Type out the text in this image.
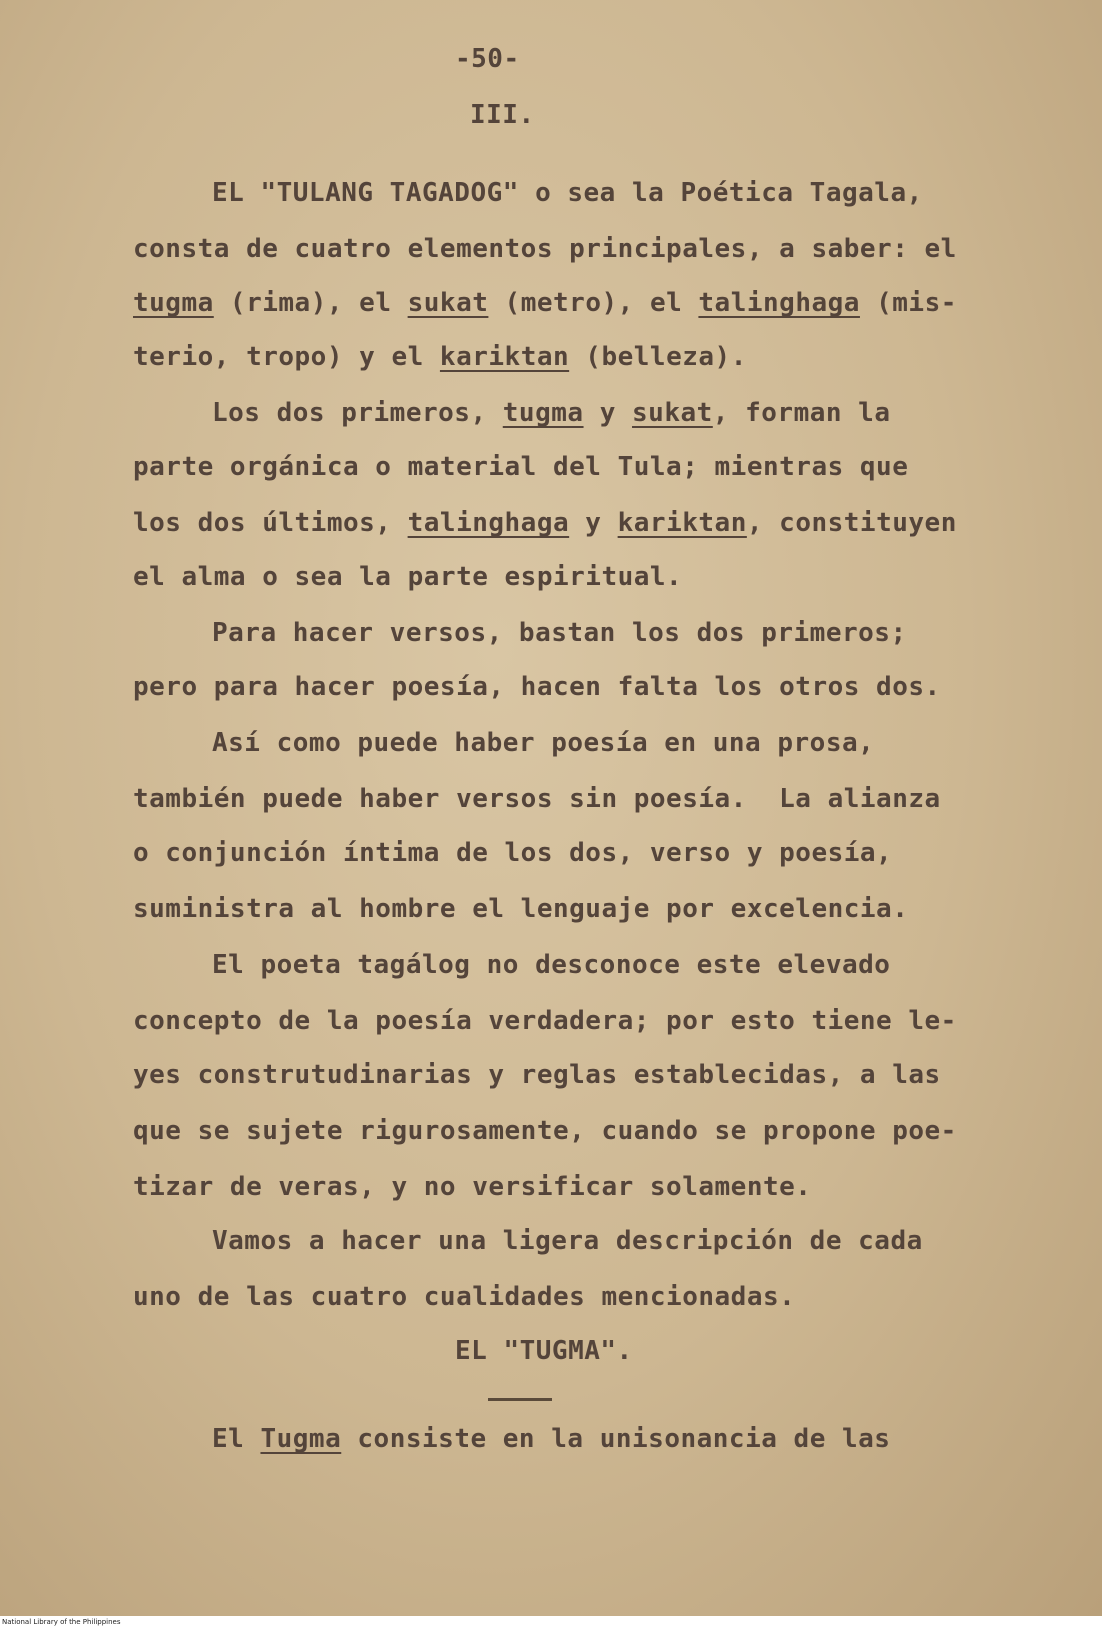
-50-
III.
EL "TULANG TAGADOG" o sea la Poética Tagala,
consta de cuatro elementos principales, a saber: el
tugma (rima), el sukat (metro), el talinghaga (mis-
terio, tropo) y el kariktan (belleza).
Los dos primeros, tugma y sukat, forman la
parte orgánica o material del Tula; mientras que
los dos últimos, talinghaga y kariktan, constituyen
el alma o sea la parte espiritual.
Para hacer versos, bastan los dos primeros;
pero para hacer poesía, hacen falta los otros dos.
Así como puede haber poesía en una prosa,
también puede haber versos sin poesía.  La alianza
o conjunción íntima de los dos, verso y poesía,
suministra al hombre el lenguaje por excelencia.
El poeta tagálog no desconoce este elevado
concepto de la poesía verdadera; por esto tiene le-
yes construtudinarias y reglas establecidas, a las
que se sujete rigurosamente, cuando se propone poe-
tizar de veras, y no versificar solamente.
Vamos a hacer una ligera descripción de cada
uno de las cuatro cualidades mencionadas.
EL "TUGMA".
El Tugma consiste en la unisonancia de las
National Library of the Philippines
